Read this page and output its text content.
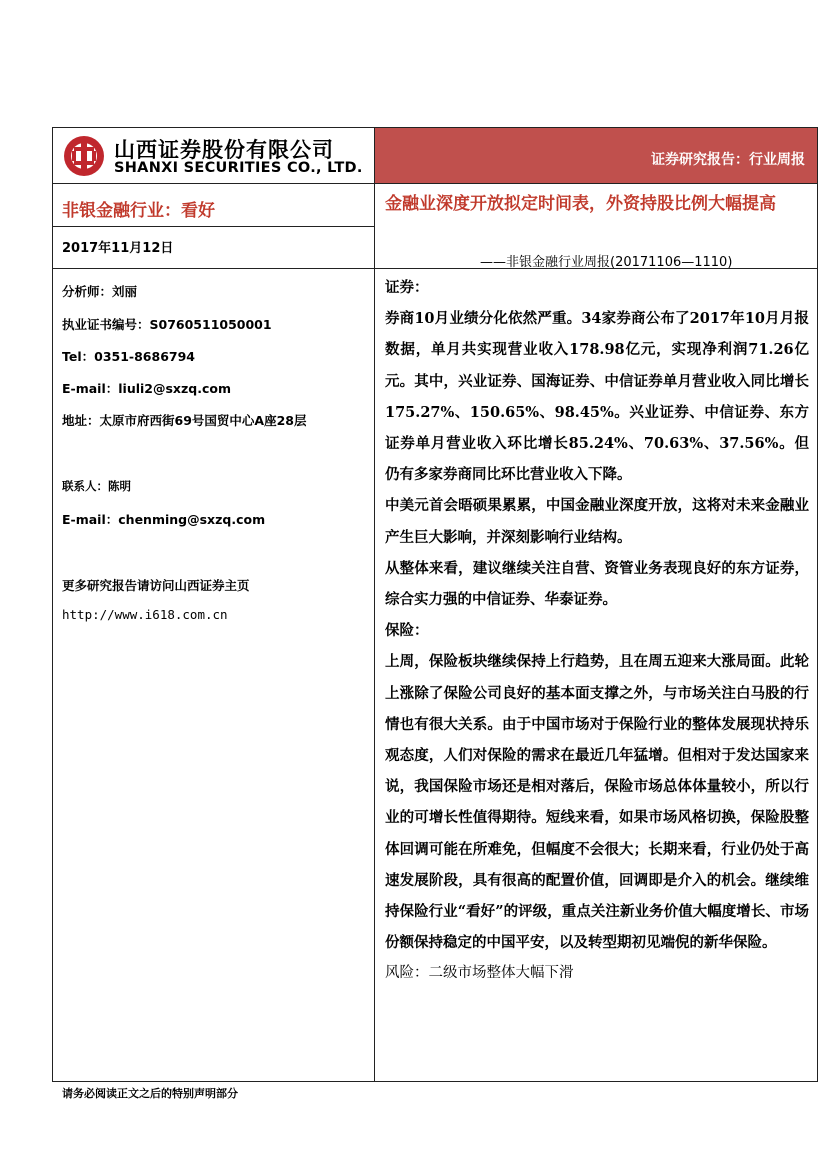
山西证券股份有限公司
SHANXI SECURITIES CO., LTD.	证券研究报告：行业周报
非银金融行业：看好	金融业深度开放拟定时间表，外资持股比例大幅提高
2017年11月12日
——非银金融行业周报(20171106—1110)
分析师：刘丽
执业证书编号：S0760511050001
Tel：0351-8686794
E-mail：liuli2@sxzq.com
地址：太原市府西街69号国贸中心A座28层
联系人：陈明
E-mail：chenming@sxzq.com
更多研究报告请访问山西证券主页
http://www.i618.com.cn

证券：

券商10月业绩分化依然严重。34家券商公布了2017年10月月报数据，单月共实现营业收入178.98亿元，实现净利润71.26亿元。其中，兴业证券、国海证券、中信证券单月营业收入同比增长175.27%、150.65%、98.45%。兴业证券、中信证券、东方证券单月营业收入环比增长85.24%、70.63%、37.56%。但仍有多家券商同比环比营业收入下降。

中美元首会晤硕果累累，中国金融业深度开放，这将对未来金融业产生巨大影响，并深刻影响行业结构。

从整体来看，建议继续关注自营、资管业务表现良好的东方证券，综合实力强的中信证券、华泰证券。

保险：

上周，保险板块继续保持上行趋势，且在周五迎来大涨局面。此轮上涨除了保险公司良好的基本面支撑之外，与市场关注白马股的行情也有很大关系。由于中国市场对于保险行业的整体发展现状持乐观态度，人们对保险的需求在最近几年猛增。但相对于发达国家来说，我国保险市场还是相对落后，保险市场总体体量较小，所以行业的可增长性值得期待。短线来看，如果市场风格切换，保险股整体回调可能在所难免，但幅度不会很大；长期来看，行业仍处于高速发展阶段，具有很高的配置价值，回调即是介入的机会。继续维持保险行业“看好”的评级，重点关注新业务价值大幅度增长、市场份额保持稳定的中国平安，以及转型期初见端倪的新华保险。

风险：二级市场整体大幅下滑

请务必阅读正文之后的特别声明部分
